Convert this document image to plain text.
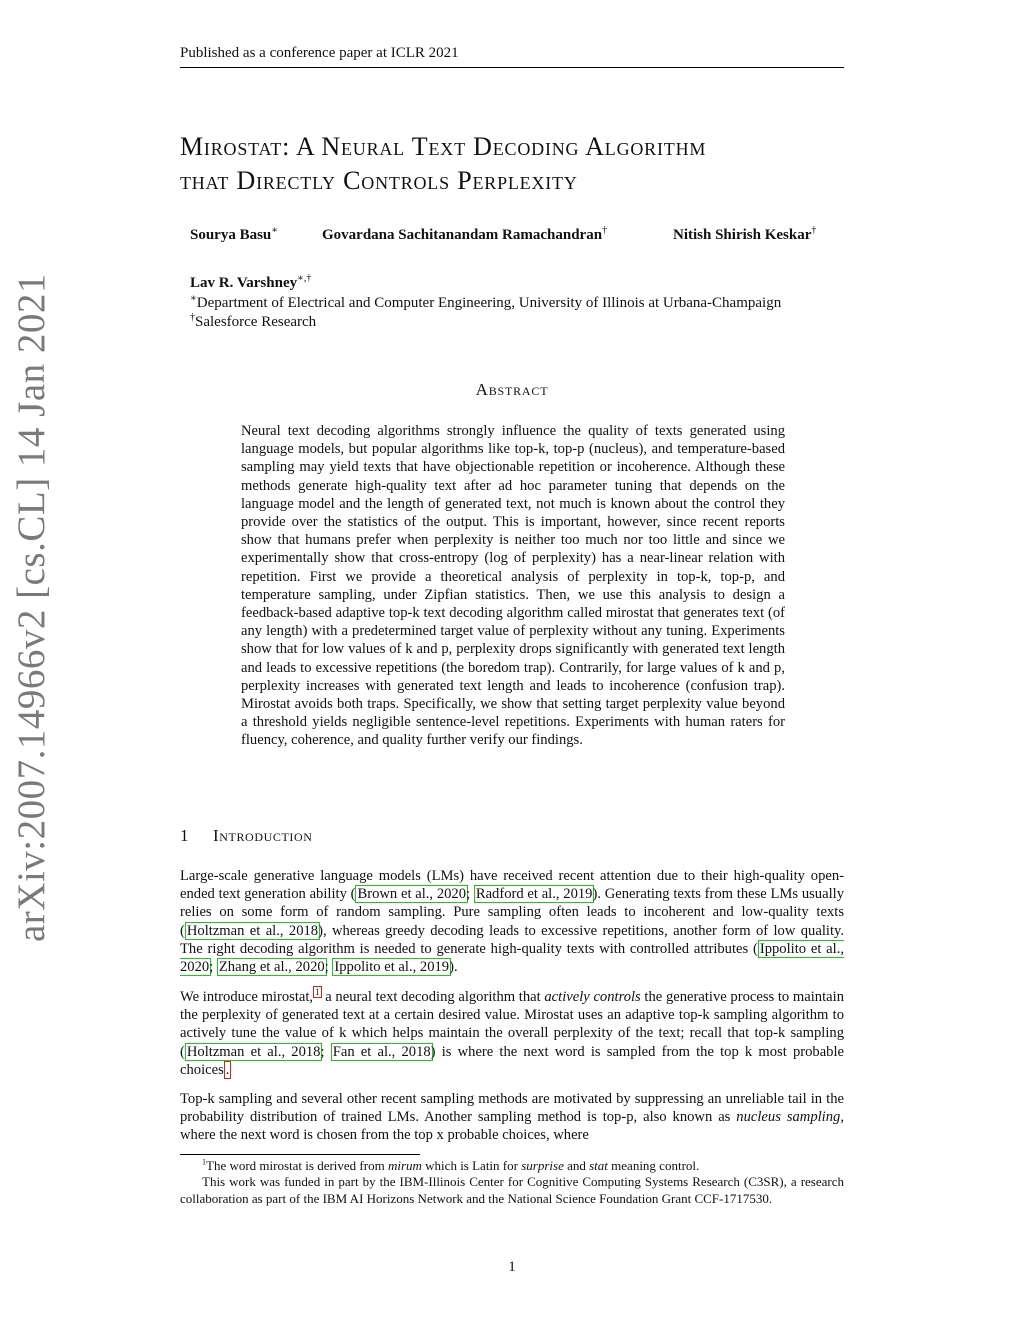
Published as a conference paper at ICLR 2021
arXiv:2007.14966v2 [cs.CL] 14 Jan 2021
Mirostat: A Neural Text Decoding Algorithm
that Directly Controls Perplexity
Sourya Basu∗	Govardana Sachitanandam Ramachandran†	Nitish Shirish Keskar†
Lav R. Varshney∗,†
∗Department of Electrical and Computer Engineering, University of Illinois at Urbana-Champaign
†Salesforce Research
Abstract
Neural text decoding algorithms strongly influence the quality of texts generated using language models, but popular algorithms like top-k, top-p (nucleus), and temperature-based sampling may yield texts that have objectionable repetition or incoherence. Although these methods generate high-quality text after ad hoc parameter tuning that depends on the language model and the length of generated text, not much is known about the control they provide over the statistics of the output. This is important, however, since recent reports show that humans prefer when perplexity is neither too much nor too little and since we experimentally show that cross-entropy (log of perplexity) has a near-linear relation with repetition. First we provide a theoretical analysis of perplexity in top-k, top-p, and temperature sampling, under Zipfian statistics. Then, we use this analysis to design a feedback-based adaptive top-k text decoding algorithm called mirostat that generates text (of any length) with a predetermined target value of perplexity without any tuning. Experiments show that for low values of k and p, perplexity drops significantly with generated text length and leads to excessive repetitions (the boredom trap). Contrarily, for large values of k and p, perplexity increases with generated text length and leads to incoherence (confusion trap). Mirostat avoids both traps. Specifically, we show that setting target perplexity value beyond a threshold yields negligible sentence-level repetitions. Experiments with human raters for fluency, coherence, and quality further verify our findings.
1 Introduction
Large-scale generative language models (LMs) have received recent attention due to their high-quality open-ended text generation ability ( Brown et al., 2020; Radford et al., 2019). Generating texts from these LMs usually relies on some form of random sampling. Pure sampling often leads to incoherent and low-quality texts ( Holtzman et al., 2018), whereas greedy decoding leads to excessive repetitions, another form of low quality. The right decoding algorithm is needed to generate high-quality texts with controlled attributes ( Ippolito et al., 2020; Zhang et al., 2020; Ippolito et al., 2019).
We introduce mirostat, $^1$ a neural text decoding algorithm that actively controls the generative process to maintain the perplexity of generated text at a certain desired value. Mirostat uses an adaptive top-k sampling algorithm to actively tune the value of k which helps maintain the overall perplexity of the text; recall that top-k sampling ( Holtzman et al., 2018; Fan et al., 2018) is where the next word is sampled from the top k most probable choices .
Top-k sampling and several other recent sampling methods are motivated by suppressing an unreliable tail in the probability distribution of trained LMs. Another sampling method is top-p, also known as nucleus sampling, where the next word is chosen from the top x probable choices, where
$^1$The word mirostat is derived from mirum which is Latin for surprise and stat meaning control.
This work was funded in part by the IBM-Illinois Center for Cognitive Computing Systems Research (C3SR), a research collaboration as part of the IBM AI Horizons Network and the National Science Foundation Grant CCF-1717530.
1
